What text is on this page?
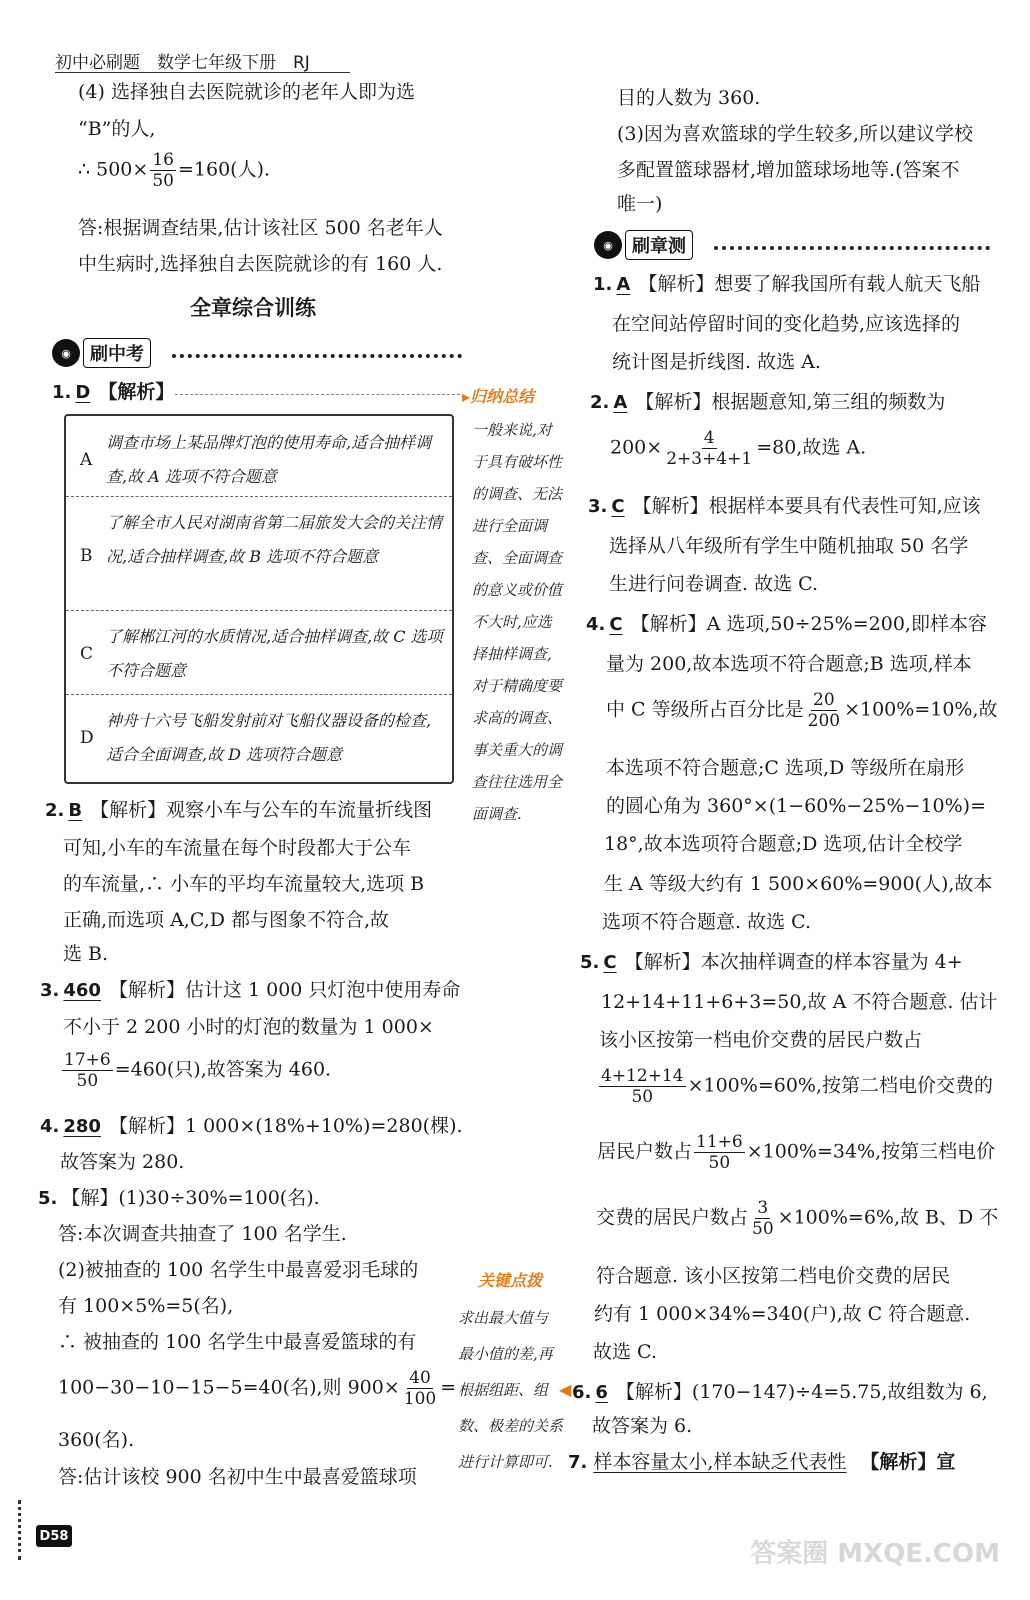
初中必刷题　数学七年级下册　RJ
(4) 选择独自去医院就诊的老年人即为选
“B”的人,
∴ $500\times \frac{16}{50} =160$(人).
答:根据调查结果,估计该社区 500 名老年人
中生病时,选择独自去医院就诊的有 160 人.
全章综合训练
◉	刷中考
1. D 【解析】
A
调查市场上某品牌灯泡的使用寿命,适合抽样调查,故 A 选项不符合题意
B
了解全市人民对湖南省第二届旅发大会的关注情况,适合抽样调查,故 B 选项不符合题意
C
了解郴江河的水质情况,适合抽样调查,故 C 选项不符合题意
D
神舟十六号飞船发射前对飞船仪器设备的检查,适合全面调查,故 D 选项符合题意
2. B 【解析】观察小车与公车的车流量折线图
可知,小车的车流量在每个时段都大于公车
的车流量,∴ 小车的平均车流量较大,选项 B
正确,而选项 A,C,D 都与图象不符合,故
选 B.
3. 460 【解析】估计这 1 000 只灯泡中使用寿命
不小于 2 200 小时的灯泡的数量为 1 000×
$\frac{17+6}{50} =460$(只),故答案为 460.
4. 280 【解析】1 000×(18%+10%)=280(棵).
故答案为 280.
5. 【解】(1)30÷30%=100(名).
答:本次调查共抽查了 100 名学生.
(2)被抽查的 100 名学生中最喜爱羽毛球的
有 100×5%=5(名),
∴ 被抽查的 100 名学生中最喜爱篮球的有
100−30−10−15−5=40(名),则 $900\times \frac{40}{100}$ =
360(名).
答:估计该校 900 名初中生中最喜爱篮球项
▸归纳总结
一般来说,对
于具有破坏性
的调查、无法
进行全面调
查、全面调查
的意义或价值
不大时,应选
择抽样调查,
对于精确度要
求高的调查、
事关重大的调
查往往选用全
面调查.
关键点拨
求出最大值与
最小值的差,再
根据组距、组
数、极差的关系
进行计算即可.
◀
目的人数为 360.
(3)因为喜欢篮球的学生较多,所以建议学校
多配置篮球器材,增加篮球场地等.(答案不
唯一)
◉	刷章测
1. A 【解析】想要了解我国所有载人航天飞船
在空间站停留时间的变化趋势,应该选择的
统计图是折线图. 故选 A.
2. A 【解析】根据题意知,第三组的频数为
$200\times \frac{4}{2+3+4+1} =80$,故选 A.
3. C 【解析】根据样本要具有代表性可知,应该
选择从八年级所有学生中随机抽取 50 名学
生进行问卷调查. 故选 C.
4. C 【解析】A 选项,50÷25%=200,即样本容
量为 200,故本选项不符合题意;B 选项,样本
中 C 等级所占百分比是 $\frac{20}{200} \times 100\%=10\%$,故
本选项不符合题意;C 选项,D 等级所在扇形
的圆心角为 360°×(1−60%−25%−10%)=
18°,故本选项符合题意;D 选项,估计全校学
生 A 等级大约有 1 500×60%=900(人),故本
选项不符合题意. 故选 C.
5. C 【解析】本次抽样调查的样本容量为 4+
12+14+11+6+3=50,故 A 不符合题意. 估计
该小区按第一档电价交费的居民户数占
$\frac{4+12+14}{50} \times 100\%=60\%$,按第二档电价交费的
居民户数占 $\frac{11+6}{50} \times 100\%=34\%$,按第三档电价
交费的居民户数占 $\frac{3}{50} \times 100\%=6\%$,故 B、D 不
符合题意. 该小区按第二档电价交费的居民
约有 1 000×34%=340(户),故 C 符合题意.
故选 C.
6. 6 【解析】(170−147)÷4=5.75,故组数为 6,
故答案为 6.
7. 样本容量太小,样本缺乏代表性 【解析】宣
D58
答案圈 MXQE.COM
